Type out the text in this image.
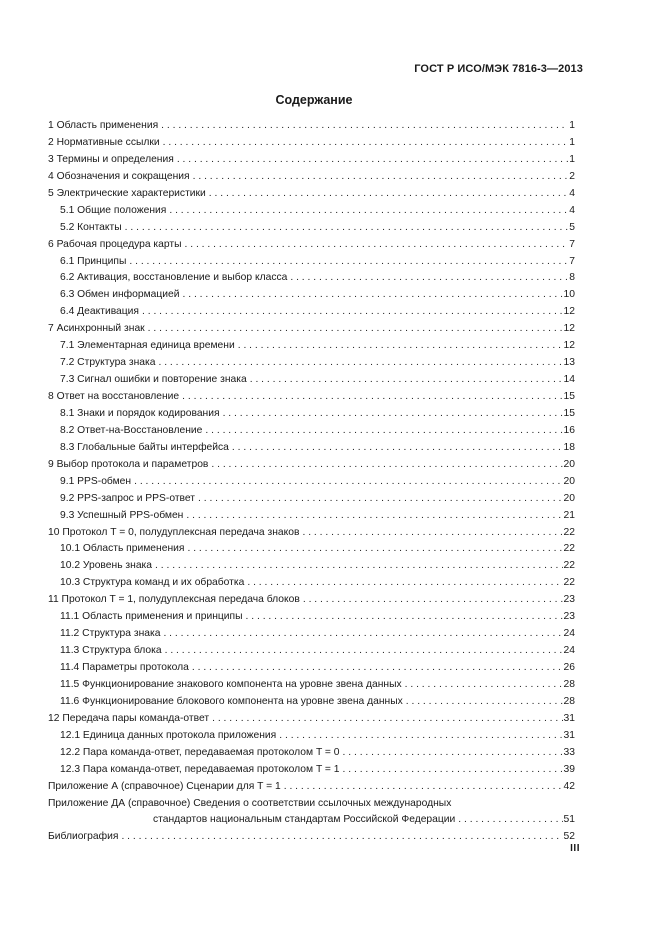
ГОСТ Р ИСО/МЭК 7816-3—2013
Содержание
1 Область применения . . .	1
2 Нормативные ссылки . . .	1
3 Термины и определения . . .	1
4 Обозначения и сокращения . . .	2
5 Электрические характеристики . . .	4
5.1 Общие положения . . .	4
5.2 Контакты . . .	5
6 Рабочая процедура карты . . .	7
6.1 Принципы . . .	7
6.2 Активация, восстановление и выбор класса . . .	8
6.3 Обмен информацией . . .	10
6.4 Деактивация . . .	12
7 Асинхронный знак . . .	12
7.1 Элементарная единица времени . . .	12
7.2 Структура знака . . .	13
7.3 Сигнал ошибки и повторение знака . . .	14
8 Ответ на восстановление . . .	15
8.1 Знаки и порядок кодирования . . .	15
8.2 Ответ-на-Восстановление . . .	16
8.3 Глобальные байты интерфейса . . .	18
9 Выбор протокола и параметров . . .	20
9.1 PPS-обмен . . .	20
9.2 PPS-запрос и PPS-ответ . . .	20
9.3 Успешный PPS-обмен . . .	21
10 Протокол T = 0, полудуплексная передача знаков . . .	22
10.1 Область применения . . .	22
10.2 Уровень знака . . .	22
10.3 Структура команд и их обработка . . .	22
11 Протокол T = 1, полудуплексная передача блоков . . .	23
11.1 Область применения и принципы . . .	23
11.2 Структура знака . . .	24
11.3 Структура блока . . .	24
11.4 Параметры протокола . . .	26
11.5 Функционирование знакового компонента на уровне звена данных . . .	28
11.6 Функционирование блокового компонента на уровне звена данных . . .	28
12 Передача пары команда-ответ . . .	31
12.1 Единица данных протокола приложения . . .	31
12.2 Пара команда-ответ, передаваемая протоколом T = 0 . . .	33
12.3 Пара команда-ответ, передаваемая протоколом T = 1 . . .	39
Приложение А (справочное) Сценарии для T = 1 . . .	42
Приложение ДА (справочное) Сведения о соответствии ссылочных международных
стандартов национальным стандартам Российской Федерации . . .	51
Библиография . . .	52
III
